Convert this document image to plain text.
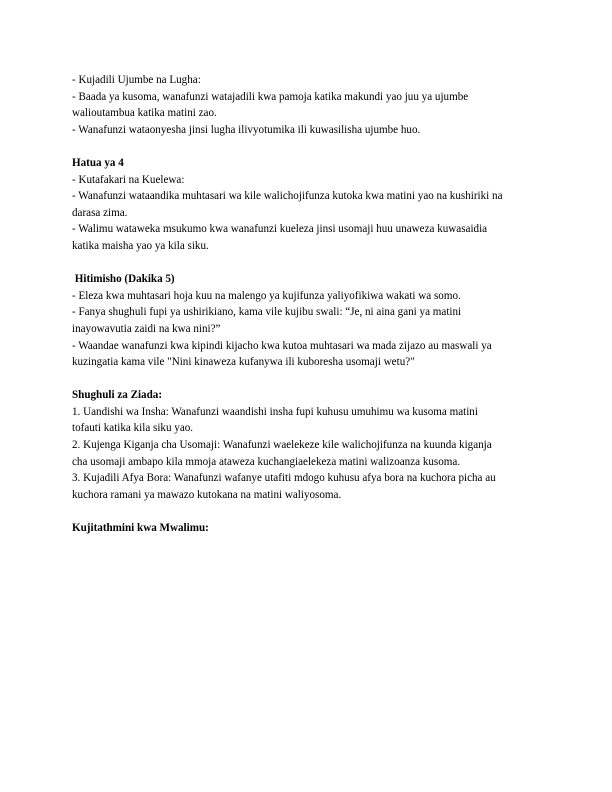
- Kujadili Ujumbe na Lugha:
- Baada ya kusoma, wanafunzi watajadili kwa pamoja katika makundi yao juu ya ujumbe
walioutambua katika matini zao.
- Wanafunzi wataonyesha jinsi lugha ilivyotumika ili kuwasilisha ujumbe huo.
Hatua ya 4
- Kutafakari na Kuelewa:
- Wanafunzi wataandika muhtasari wa kile walichojifunza kutoka kwa matini yao na kushiriki na
darasa zima.
- Walimu wataweka msukumo kwa wanafunzi kueleza jinsi usomaji huu unaweza kuwasaidia
katika maisha yao ya kila siku.
Hitimisho (Dakika 5)
- Eleza kwa muhtasari hoja kuu na malengo ya kujifunza yaliyofikiwa wakati wa somo.
- Fanya shughuli fupi ya ushirikiano, kama vile kujibu swali: “Je, ni aina gani ya matini
inayowavutia zaidi na kwa nini?”
- Waandae wanafunzi kwa kipindi kijacho kwa kutoa muhtasari wa mada zijazo au maswali ya
kuzingatia kama vile "Nini kinaweza kufanywa ili kuboresha usomaji wetu?"
Shughuli za Ziada:
1. Uandishi wa Insha: Wanafunzi waandishi insha fupi kuhusu umuhimu wa kusoma matini
tofauti katika kila siku yao.
2. Kujenga Kiganja cha Usomaji: Wanafunzi waelekeze kile walichojifunza na kuunda kiganja
cha usomaji ambapo kila mmoja ataweza kuchangiaelekeza matini walizoanza kusoma.
3. Kujadili Afya Bora: Wanafunzi wafanye utafiti mdogo kuhusu afya bora na kuchora picha au
kuchora ramani ya mawazo kutokana na matini waliyosoma.
Kujitathmini kwa Mwalimu:
